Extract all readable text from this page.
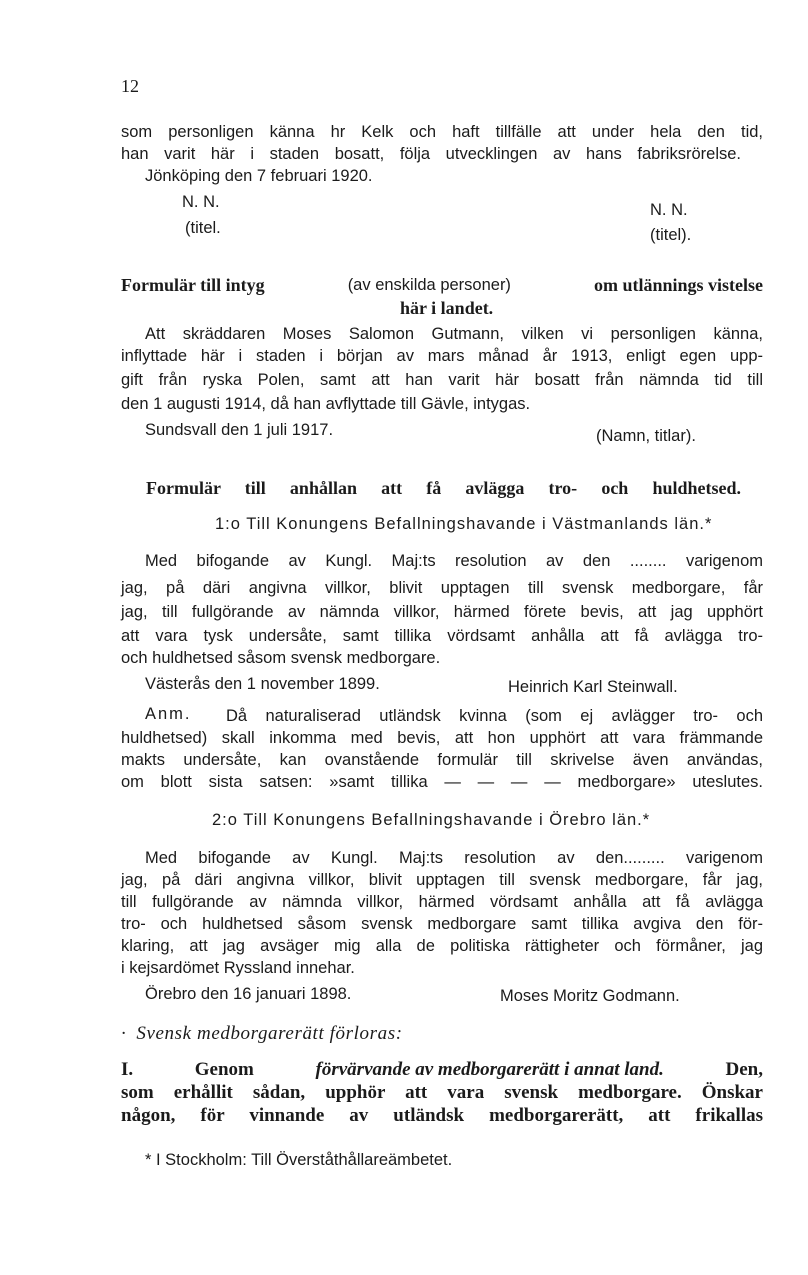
12
som personligen känna hr Kelk och haft tillfälle att under hela den tid,
han varit här i staden bosatt, följa utvecklingen av hans fabriksrörelse.
Jönköping den 7 februari 1920.
N. N.
(titel.
N. N.
(titel).
Formulär till intyg	(av enskilda personer)	om utlännings vistelse
här i landet.
Att skräddaren Moses Salomon Gutmann, vilken vi personligen känna,
inflyttade här i staden i början av mars månad år 1913, enligt egen upp-
gift från ryska Polen, samt att han varit här bosatt från nämnda tid till
den 1 augusti 1914, då han avflyttade till Gävle, intygas.
Sundsvall den 1 juli 1917.	(Namn, titlar).
Formulär till anhållan att få avlägga tro- och huldhetsed.
1:o Till Konungens Befallningshavande i Västmanlands län.*
Med bifogande av Kungl. Maj:ts resolution av den ........ varigenom
jag, på däri angivna villkor, blivit upptagen till svensk medborgare, får
jag, till fullgörande av nämnda villkor, härmed förete bevis, att jag upphört
att vara tysk undersåte, samt tillika vördsamt anhålla att få avlägga tro-
och huldhetsed såsom svensk medborgare.
Västerås den 1 november 1899.	Heinrich Karl Steinwall.
Anm. Då naturaliserad utländsk kvinna (som ej avlägger tro- och
huldhetsed) skall inkomma med bevis, att hon upphört att vara främmande
makts undersåte, kan ovanstående formulär till skrivelse även användas,
om blott sista satsen: »samt tillika — — — — medborgare» uteslutes.
2:o Till Konungens Befallningshavande i Örebro län.*
Med bifogande av Kungl. Maj:ts resolution av den......... varigenom
jag, på däri angivna villkor, blivit upptagen till svensk medborgare, får jag,
till fullgörande av nämnda villkor, härmed vördsamt anhålla att få avlägga
tro- och huldhetsed såsom svensk medborgare samt tillika avgiva den för-
klaring, att jag avsäger mig alla de politiska rättigheter och förmåner, jag
i kejsardömet Ryssland innehar.
Örebro den 16 januari 1898.	Moses Moritz Godmann.
· Svensk medborgarerätt förloras:
I.	Genom	förvärvande av medborgarerätt i annat land.	Den,
som erhållit sådan, upphör att vara svensk medborgare. Önskar
någon, för vinnande av utländsk medborgarerätt, att frikallas
* I Stockholm: Till Överståthållareämbetet.
